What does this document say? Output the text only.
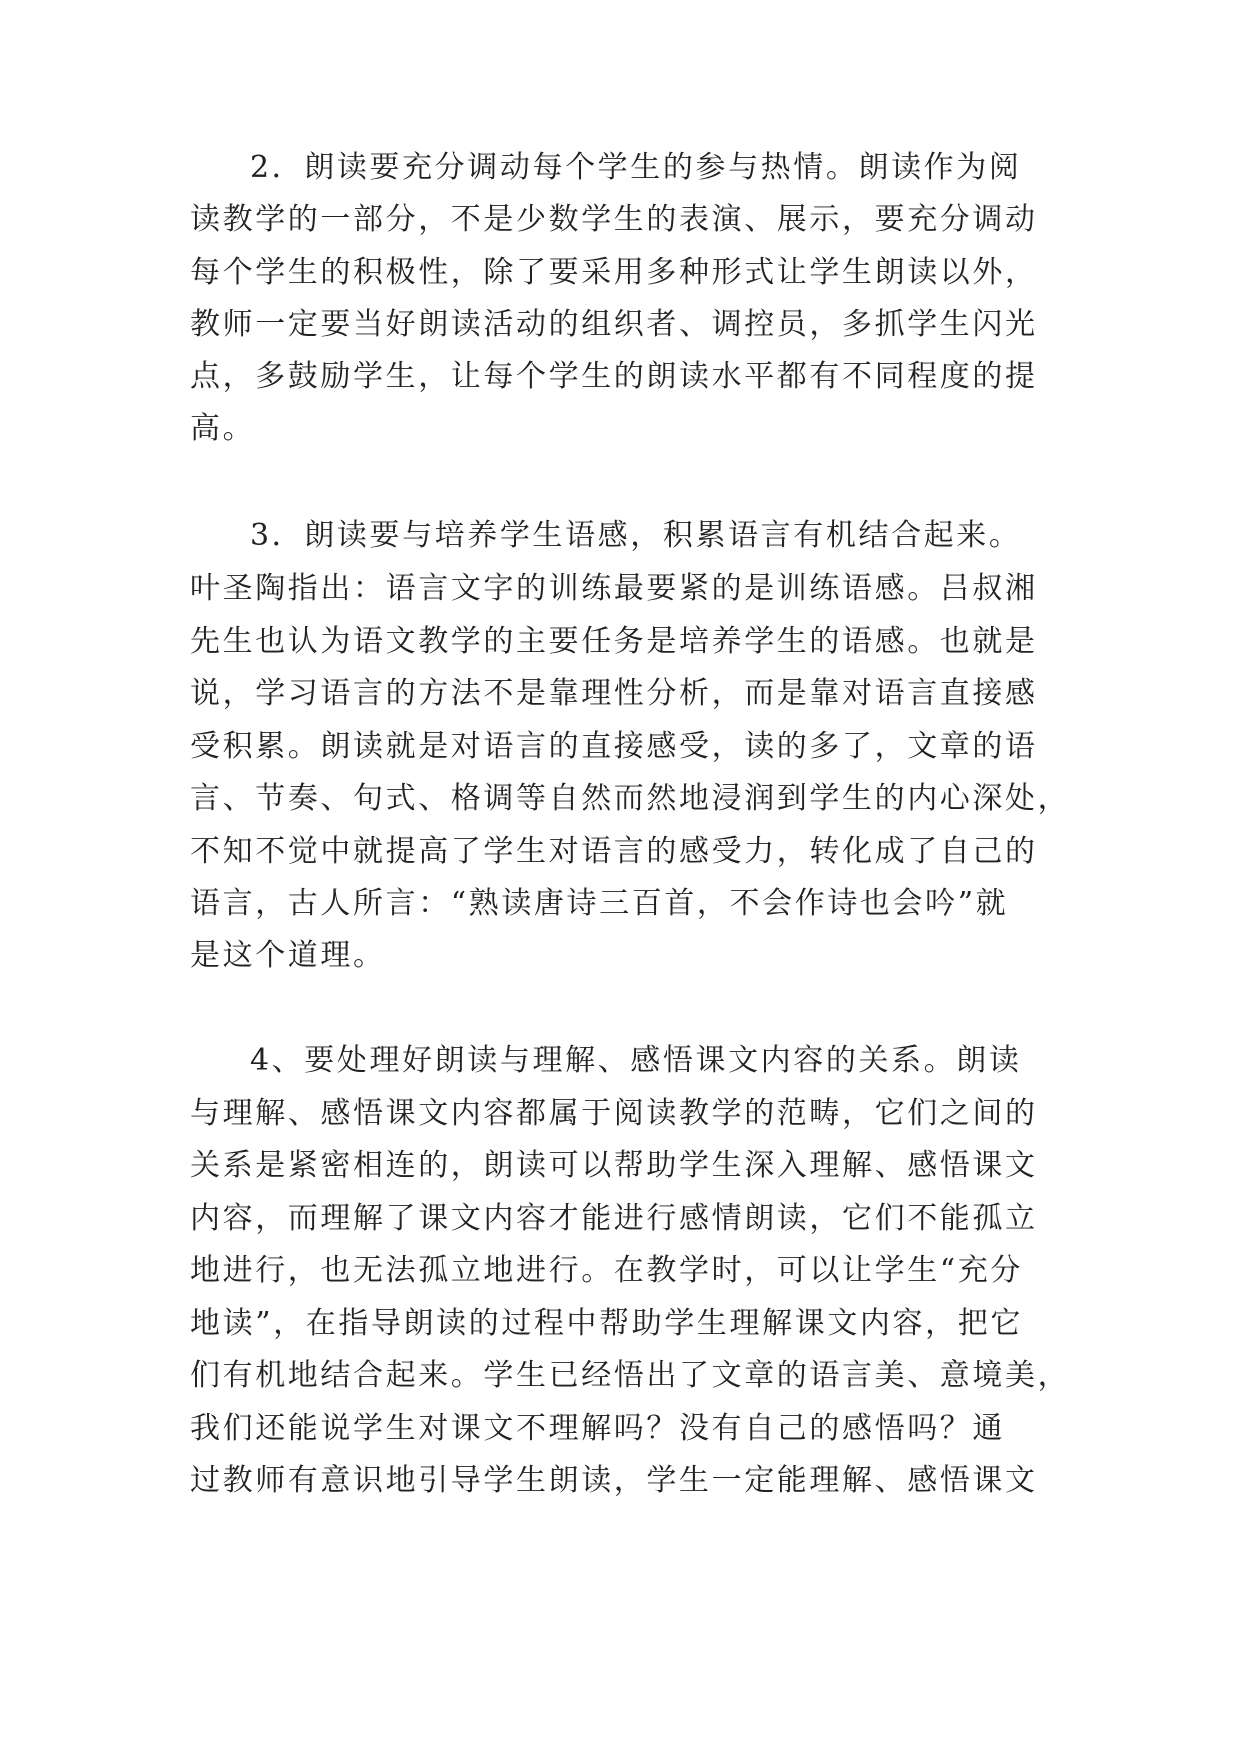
2．朗读要充分调动每个学生的参与热情。朗读作为阅
读教学的一部分，不是少数学生的表演、展示，要充分调动
每个学生的积极性，除了要采用多种形式让学生朗读以外，
教师一定要当好朗读活动的组织者、调控员，多抓学生闪光
点，多鼓励学生，让每个学生的朗读水平都有不同程度的提
高。
3．朗读要与培养学生语感，积累语言有机结合起来。
叶圣陶指出：语言文字的训练最要紧的是训练语感。吕叔湘
先生也认为语文教学的主要任务是培养学生的语感。也就是
说，学习语言的方法不是靠理性分析，而是靠对语言直接感
受积累。朗读就是对语言的直接感受，读的多了，文章的语
言、节奏、句式、格调等自然而然地浸润到学生的内心深处，
不知不觉中就提高了学生对语言的感受力，转化成了自己的
语言，古人所言：“熟读唐诗三百首，不会作诗也会吟”就
是这个道理。
4、要处理好朗读与理解、感悟课文内容的关系。朗读
与理解、感悟课文内容都属于阅读教学的范畴，它们之间的
关系是紧密相连的，朗读可以帮助学生深入理解、感悟课文
内容，而理解了课文内容才能进行感情朗读，它们不能孤立
地进行，也无法孤立地进行。在教学时，可以让学生“充分
地读”，在指导朗读的过程中帮助学生理解课文内容，把它
们有机地结合起来。学生已经悟出了文章的语言美、意境美，
我们还能说学生对课文不理解吗？没有自己的感悟吗？通
过教师有意识地引导学生朗读，学生一定能理解、感悟课文
